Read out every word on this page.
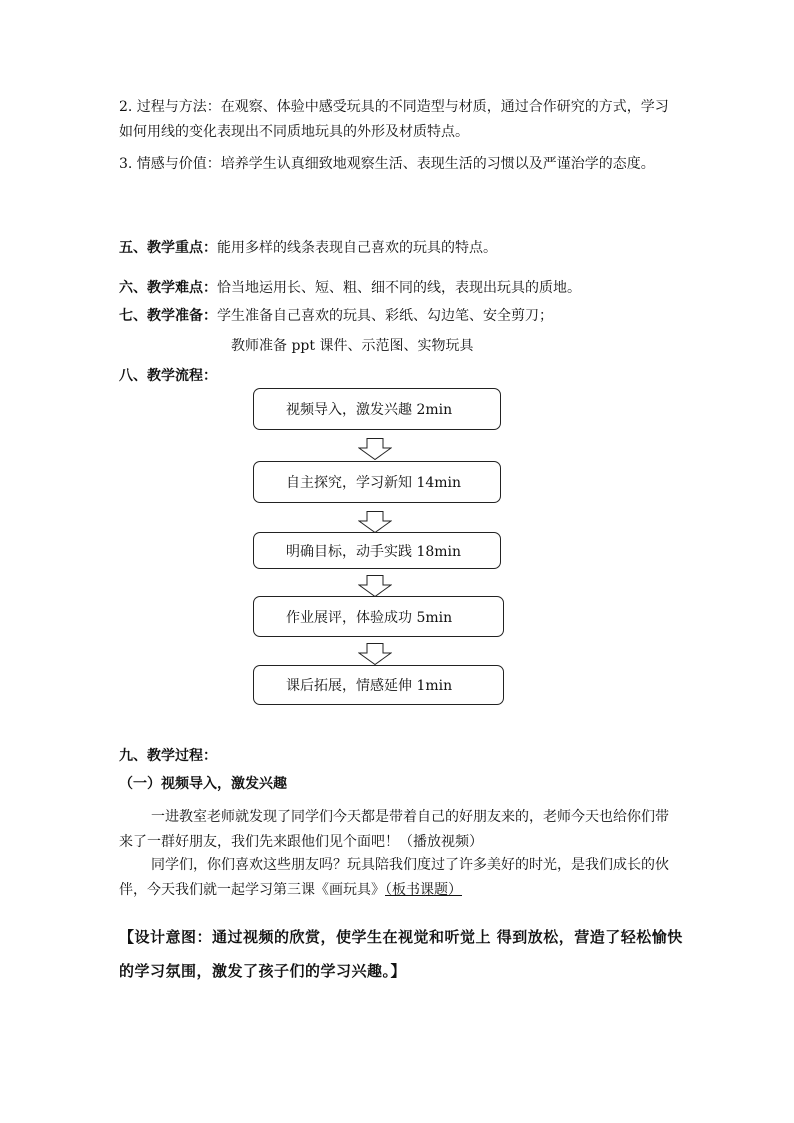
2. 过程与方法：在观察、体验中感受玩具的不同造型与材质，通过合作研究的方式，学习如何用线的变化表现出不同质地玩具的外形及材质特点。

3. 情感与价值：培养学生认真细致地观察生活、表现生活的习惯以及严谨治学的态度。

五、教学重点：能用多样的线条表现自己喜欢的玩具的特点。

六、教学难点：恰当地运用长、短、粗、细不同的线，表现出玩具的质地。

七、教学准备：学生准备自己喜欢的玩具、彩纸、勾边笔、安全剪刀；

教师准备 ppt 课件、示范图、实物玩具

八、教学流程：

视频导入，激发兴趣 2min
自主探究，学习新知 14min
明确目标，动手实践 18min
作业展评，体验成功 5min
课后拓展，情感延伸 1min

九、教学过程：

（一）视频导入，激发兴趣

一进教室老师就发现了同学们今天都是带着自己的好朋友来的，老师今天也给你们带来了一群好朋友，我们先来跟他们见个面吧！（播放视频）

同学们，你们喜欢这些朋友吗？玩具陪我们度过了许多美好的时光，是我们成长的伙伴，今天我们就一起学习第三课《画玩具》（板书课题）

【设计意图：通过视频的欣赏，使学生在视觉和听觉上 得到放松，营造了轻松愉快的学习氛围，激发了孩子们的学习兴趣。】
